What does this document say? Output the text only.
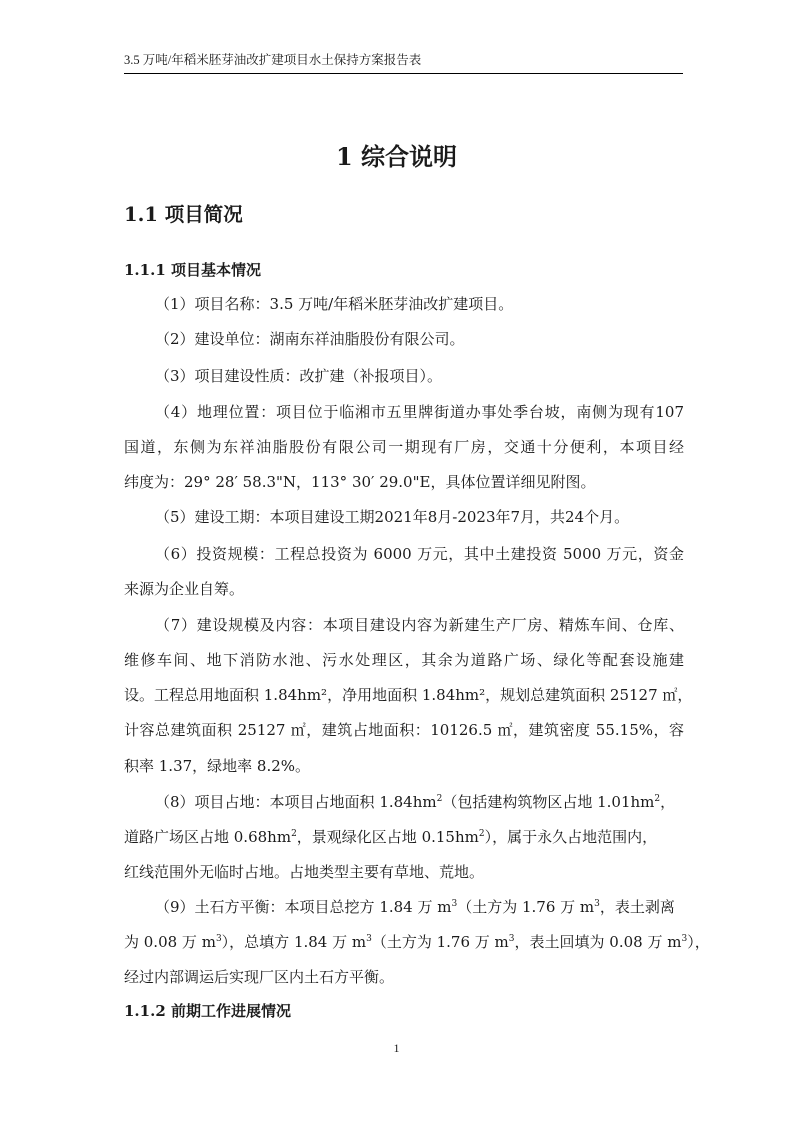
3.5 万吨/年稻米胚芽油改扩建项目水土保持方案报告表
1 综合说明
1.1 项目简况
1.1.1 项目基本情况
（1）项目名称：3.5 万吨/年稻米胚芽油改扩建项目。
（2）建设单位：湖南东祥油脂股份有限公司。
（3）项目建设性质：改扩建（补报项目）。
（4）地理位置：项目位于临湘市五里牌街道办事处季台坡，南侧为现有107
国道，东侧为东祥油脂股份有限公司一期现有厂房，交通十分便利，本项目经
纬度为：29° 28′ 58.3"N，113° 30′ 29.0"E，具体位置详细见附图。
（5）建设工期：本项目建设工期2021年8月-2023年7月，共24个月。
（6）投资规模：工程总投资为 6000 万元，其中土建投资 5000 万元，资金
来源为企业自筹。
（7）建设规模及内容：本项目建设内容为新建生产厂房、精炼车间、仓库、
维修车间、地下消防水池、污水处理区，其余为道路广场、绿化等配套设施建
设。工程总用地面积 1.84hm²，净用地面积 1.84hm²，规划总建筑面积 25127 ㎡，
计容总建筑面积 25127 ㎡，建筑占地面积：10126.5 ㎡，建筑密度 55.15%，容
积率 1.37，绿地率 8.2%。
（8）项目占地：本项目占地面积 $1.84hm^2$（包括建构筑物区占地 $1.01hm^2$，
道路广场区占地 $0.68hm^2$，景观绿化区占地 $0.15hm^2$），属于永久占地范围内，
红线范围外无临时占地。占地类型主要有草地、荒地。
（9）土石方平衡：本项目总挖方 1.84 万 $m^3$（土方为 1.76 万 $m^3$，表土剥离
为 0.08 万 $m^3$），总填方 1.84 万 $m^3$（土方为 1.76 万 $m^3$，表土回填为 0.08 万 $m^3$），
经过内部调运后实现厂区内土石方平衡。
1.1.2 前期工作进展情况
1
